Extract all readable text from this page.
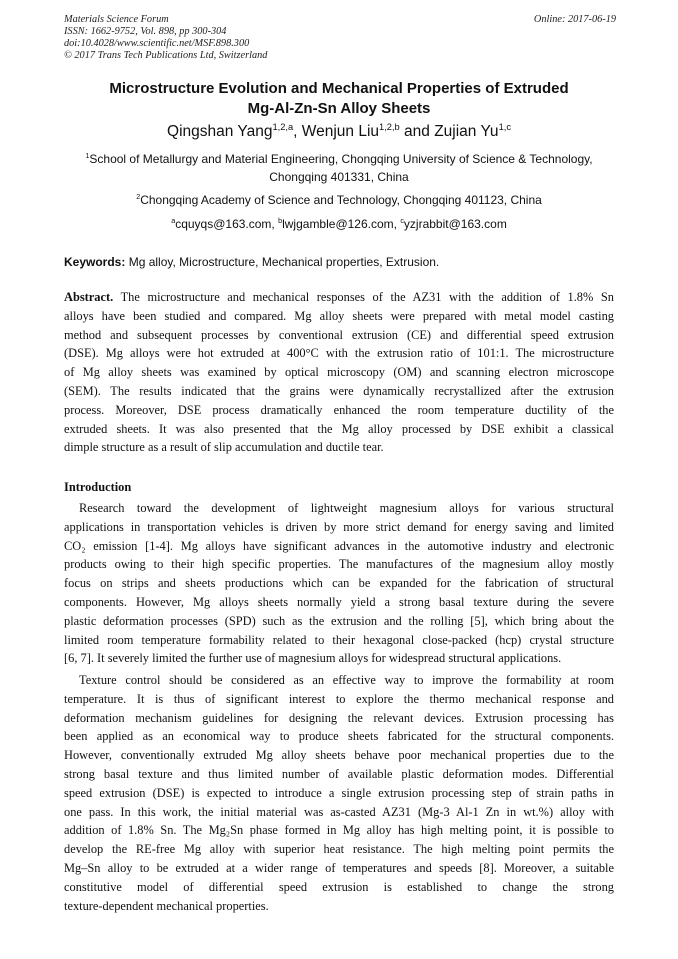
Materials Science Forum
ISSN: 1662-9752, Vol. 898, pp 300-304
doi:10.4028/www.scientific.net/MSF.898.300
© 2017 Trans Tech Publications Ltd, Switzerland
Online: 2017-06-19
Microstructure Evolution and Mechanical Properties of Extruded
Mg-Al-Zn-Sn Alloy Sheets
Qingshan Yang$^{1,2,a}$, Wenjun Liu$^{1,2,b}$ and Zujian Yu$^{1,c}$
$^1$School of Metallurgy and Material Engineering, Chongqing University of Science & Technology,
Chongqing 401331, China
$^2$Chongqing Academy of Science and Technology, Chongqing 401123, China
$^a$cquyqs@163.com, $^b$lwjgamble@126.com, $^c$yzjrabbit@163.com
Keywords: Mg alloy, Microstructure, Mechanical properties, Extrusion.
Abstract. The microstructure and mechanical responses of the AZ31 with the addition of 1.8% Sn
alloys have been studied and compared. Mg alloy sheets were prepared with metal model casting
method and subsequent processes by conventional extrusion (CE) and differential speed extrusion
(DSE). Mg alloys were hot extruded at 400°C with the extrusion ratio of 101:1. The microstructure
of Mg alloy sheets was examined by optical microscopy (OM) and scanning electron microscope
(SEM). The results indicated that the grains were dynamically recrystallized after the extrusion
process. Moreover, DSE process dramatically enhanced the room temperature ductility of the
extruded sheets. It was also presented that the Mg alloy processed by DSE exhibit a classical
dimple structure as a result of slip accumulation and ductile tear.
Introduction
Research toward the development of lightweight magnesium alloys for various structural
applications in transportation vehicles is driven by more strict demand for energy saving and limited
CO₂ emission [1-4]. Mg alloys have significant advances in the automotive industry and electronic
products owing to their high specific properties. The manufactures of the magnesium alloy mostly
focus on strips and sheets productions which can be expanded for the fabrication of structural
components. However, Mg alloys sheets normally yield a strong basal texture during the severe
plastic deformation processes (SPD) such as the extrusion and the rolling [5], which bring about the
limited room temperature formability related to their hexagonal close-packed (hcp) crystal structure
[6, 7]. It severely limited the further use of magnesium alloys for widespread structural applications.
Texture control should be considered as an effective way to improve the formability at room
temperature. It is thus of significant interest to explore the thermo mechanical response and
deformation mechanism guidelines for designing the relevant devices. Extrusion processing has
been applied as an economical way to produce sheets fabricated for the structural components.
However, conventionally extruded Mg alloy sheets behave poor mechanical properties due to the
strong basal texture and thus limited number of available plastic deformation modes. Differential
speed extrusion (DSE) is expected to introduce a single extrusion processing step of strain paths in
one pass. In this work, the initial material was as-casted AZ31 (Mg-3 Al-1 Zn in wt.%) alloy with
addition of 1.8% Sn. The Mg₂Sn phase formed in Mg alloy has high melting point, it is possible to
develop the RE-free Mg alloy with superior heat resistance. The high melting point permits the
Mg–Sn alloy to be extruded at a wider range of temperatures and speeds [8]. Moreover, a suitable
constitutive model of differential speed extrusion is established to change the strong
texture-dependent mechanical properties.
